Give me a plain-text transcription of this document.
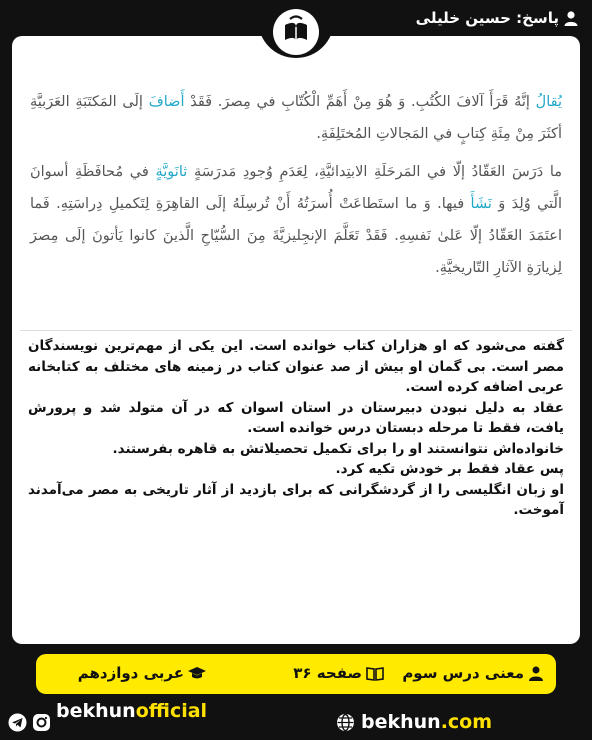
پاسخ: حسین خلیلی

يُقالُ إنَّهُ قَرَأَ آلافَ الكُتُبِ. وَ هُوَ مِنْ أَهَمِّ الْكُتّابِ في مِصرَ. فَقَدْ أَضافَ إلَى المَكتَبَةِ العَرَبيَّةِ أكثَرَ مِنْ مِئَةِ كِتابٍ في المَجالاتِ المُختَلِفَةِ.

ما دَرَسَ العَقّادُ إلّا في المَرحَلَةِ الابتِدائيَّةِ، لِعَدَمِ وُجودِ مَدرَسَةٍ ثانَويَّةٍ في مُحافَظَةِ أسوانَ الَّتي وُلِدَ وَ نَشَأَ فيها. وَ ما استَطاعَتْ أُسرَتُهُ أَنْ تُرسِلَهُ إلَى القاهِرَةِ لِتَكميلِ دِراسَتِهِ. فَما اعتَمَدَ العَقّادُ إلّا عَلىٰ نَفسِهِ. فَقَدْ تَعَلَّمَ الإنجِليزيَّةَ مِنَ السُّيّاحِ الَّذينَ كانوا يَأتونَ إلَى مِصرَ لِزيارَةِ الآثارِ التّاريخيَّةِ.

گفته می‌شود که او هزاران کتاب خوانده است. این یکی از مهم‌ترین نویسندگان مصر است. بی گمان او بیش از صد عنوان کتاب در زمینه های مختلف به کتابخانه عربی اضافه کرده است.
عقاد به دلیل نبودن دبیرستان در استان اسوان که در آن متولد شد و پرورش یافت، فقط تا مرحله دبستان درس خوانده است.
خانواده‌اش نتوانستند او را برای تکمیل تحصیلاتش به قاهره بفرستند.
پس عقاد فقط بر خودش تکیه کرد.
او زبان انگلیسی را از گردشگرانی که برای بازدید از آثار تاریخی به مصر می‌آمدند آموخت.
معنی درس سوم
صفحه ۳۶
عربی دوازدهم
bekhunofficial	bekhun.com
